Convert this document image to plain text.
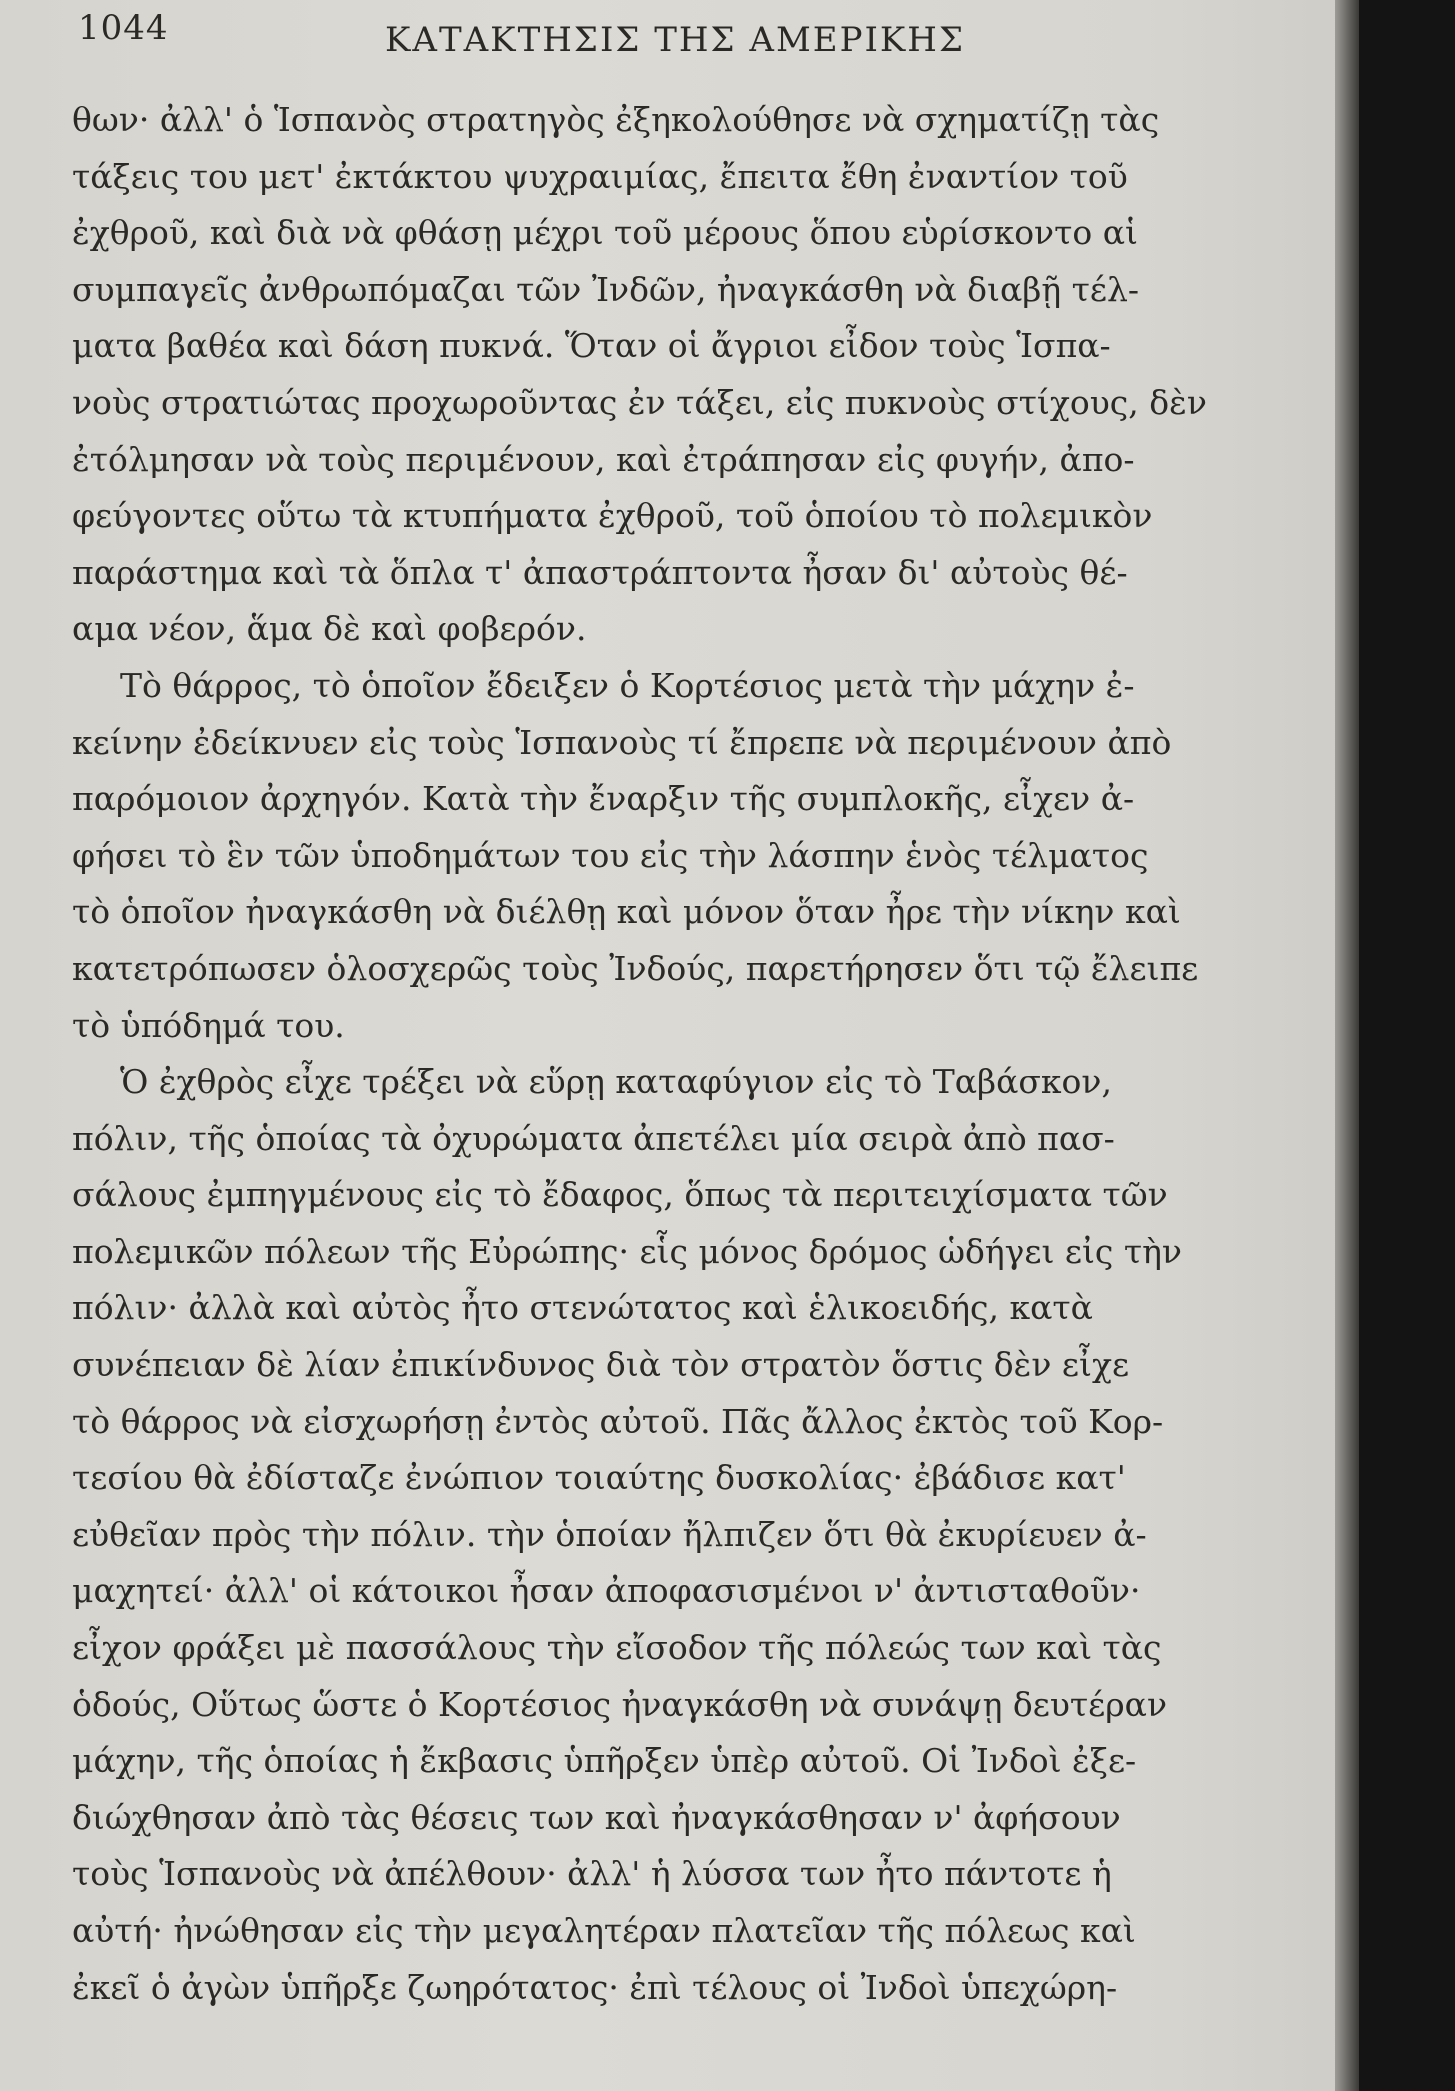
1044	ΚΑΤΑΚΤΗΣΙΣ ΤΗΣ ΑΜΕΡΙΚΗΣ
θων· ἀλλ' ὁ Ἱσπανὸς στρατηγὸς ἐξηκολούθησε νὰ σχηματίζῃ τὰς
τάξεις του μετ' ἐκτάκτου ψυχραιμίας, ἔπειτα ἔθη ἐναντίον τοῦ
ἐχθροῦ, καὶ διὰ νὰ φθάσῃ μέχρι τοῦ μέρους ὅπου εὑρίσκοντο αἱ
συμπαγεῖς ἀνθρωπόμαζαι τῶν Ἰνδῶν, ἠναγκάσθη νὰ διαβῇ τέλ-
ματα βαθέα καὶ δάση πυκνά. Ὅταν οἱ ἄγριοι εἶδον τοὺς Ἱσπα-
νοὺς στρατιώτας προχωροῦντας ἐν τάξει, εἰς πυκνοὺς στίχους, δὲν
ἐτόλμησαν νὰ τοὺς περιμένουν, καὶ ἐτράπησαν εἰς φυγήν, ἀπο-
φεύγοντες οὕτω τὰ κτυπήματα ἐχθροῦ, τοῦ ὁποίου τὸ πολεμικὸν
παράστημα καὶ τὰ ὅπλα τ' ἀπαστράπτοντα ἦσαν δι' αὐτοὺς θέ-
αμα νέον, ἅμα δὲ καὶ φοβερόν.
Τὸ θάρρος, τὸ ὁποῖον ἔδειξεν ὁ Κορτέσιος μετὰ τὴν μάχην ἐ-
κείνην ἐδείκνυεν εἰς τοὺς Ἱσπανοὺς τί ἔπρεπε νὰ περιμένουν ἀπὸ
παρόμοιον ἀρχηγόν. Κατὰ τὴν ἔναρξιν τῆς συμπλοκῆς, εἶχεν ἀ-
φήσει τὸ ἓν τῶν ὑποδημάτων του εἰς τὴν λάσπην ἑνὸς τέλματος
τὸ ὁποῖον ἠναγκάσθη νὰ διέλθῃ καὶ μόνον ὅταν ἦρε τὴν νίκην καὶ
κατετρόπωσεν ὁλοσχερῶς τοὺς Ἰνδούς, παρετήρησεν ὅτι τῷ ἔλειπε
τὸ ὑπόδημά του.
Ὁ ἐχθρὸς εἶχε τρέξει νὰ εὕρῃ καταφύγιον εἰς τὸ Ταβάσκον,
πόλιν, τῆς ὁποίας τὰ ὀχυρώματα ἀπετέλει μία σειρὰ ἀπὸ πασ-
σάλους ἐμπηγμένους εἰς τὸ ἔδαφος, ὅπως τὰ περιτειχίσματα τῶν
πολεμικῶν πόλεων τῆς Εὐρώπης· εἷς μόνος δρόμος ὡδήγει εἰς τὴν
πόλιν· ἀλλὰ καὶ αὐτὸς ἦτο στενώτατος καὶ ἑλικοειδής, κατὰ
συνέπειαν δὲ λίαν ἐπικίνδυνος διὰ τὸν στρατὸν ὅστις δὲν εἶχε
τὸ θάρρος νὰ εἰσχωρήσῃ ἐντὸς αὐτοῦ. Πᾶς ἄλλος ἐκτὸς τοῦ Κορ-
τεσίου θὰ ἐδίσταζε ἐνώπιον τοιαύτης δυσκολίας· ἐβάδισε κατ'
εὐθεῖαν πρὸς τὴν πόλιν. τὴν ὁποίαν ἤλπιζεν ὅτι θὰ ἐκυρίευεν ἀ-
μαχητεί· ἀλλ' οἱ κάτοικοι ἦσαν ἀποφασισμένοι ν' ἀντισταθοῦν·
εἶχον φράξει μὲ πασσάλους τὴν εἴσοδον τῆς πόλεώς των καὶ τὰς
ὁδούς, Οὕτως ὥστε ὁ Κορτέσιος ἠναγκάσθη νὰ συνάψῃ δευτέραν
μάχην, τῆς ὁποίας ἡ ἔκβασις ὑπῆρξεν ὑπὲρ αὐτοῦ. Οἱ Ἰνδοὶ ἐξε-
διώχθησαν ἀπὸ τὰς θέσεις των καὶ ἠναγκάσθησαν ν' ἀφήσουν
τοὺς Ἱσπανοὺς νὰ ἀπέλθουν· ἀλλ' ἡ λύσσα των ἦτο πάντοτε ἡ
αὐτή· ἠνώθησαν εἰς τὴν μεγαλητέραν πλατεῖαν τῆς πόλεως καὶ
ἐκεῖ ὁ ἀγὼν ὑπῆρξε ζωηρότατος· ἐπὶ τέλους οἱ Ἰνδοὶ ὑπεχώρη-
